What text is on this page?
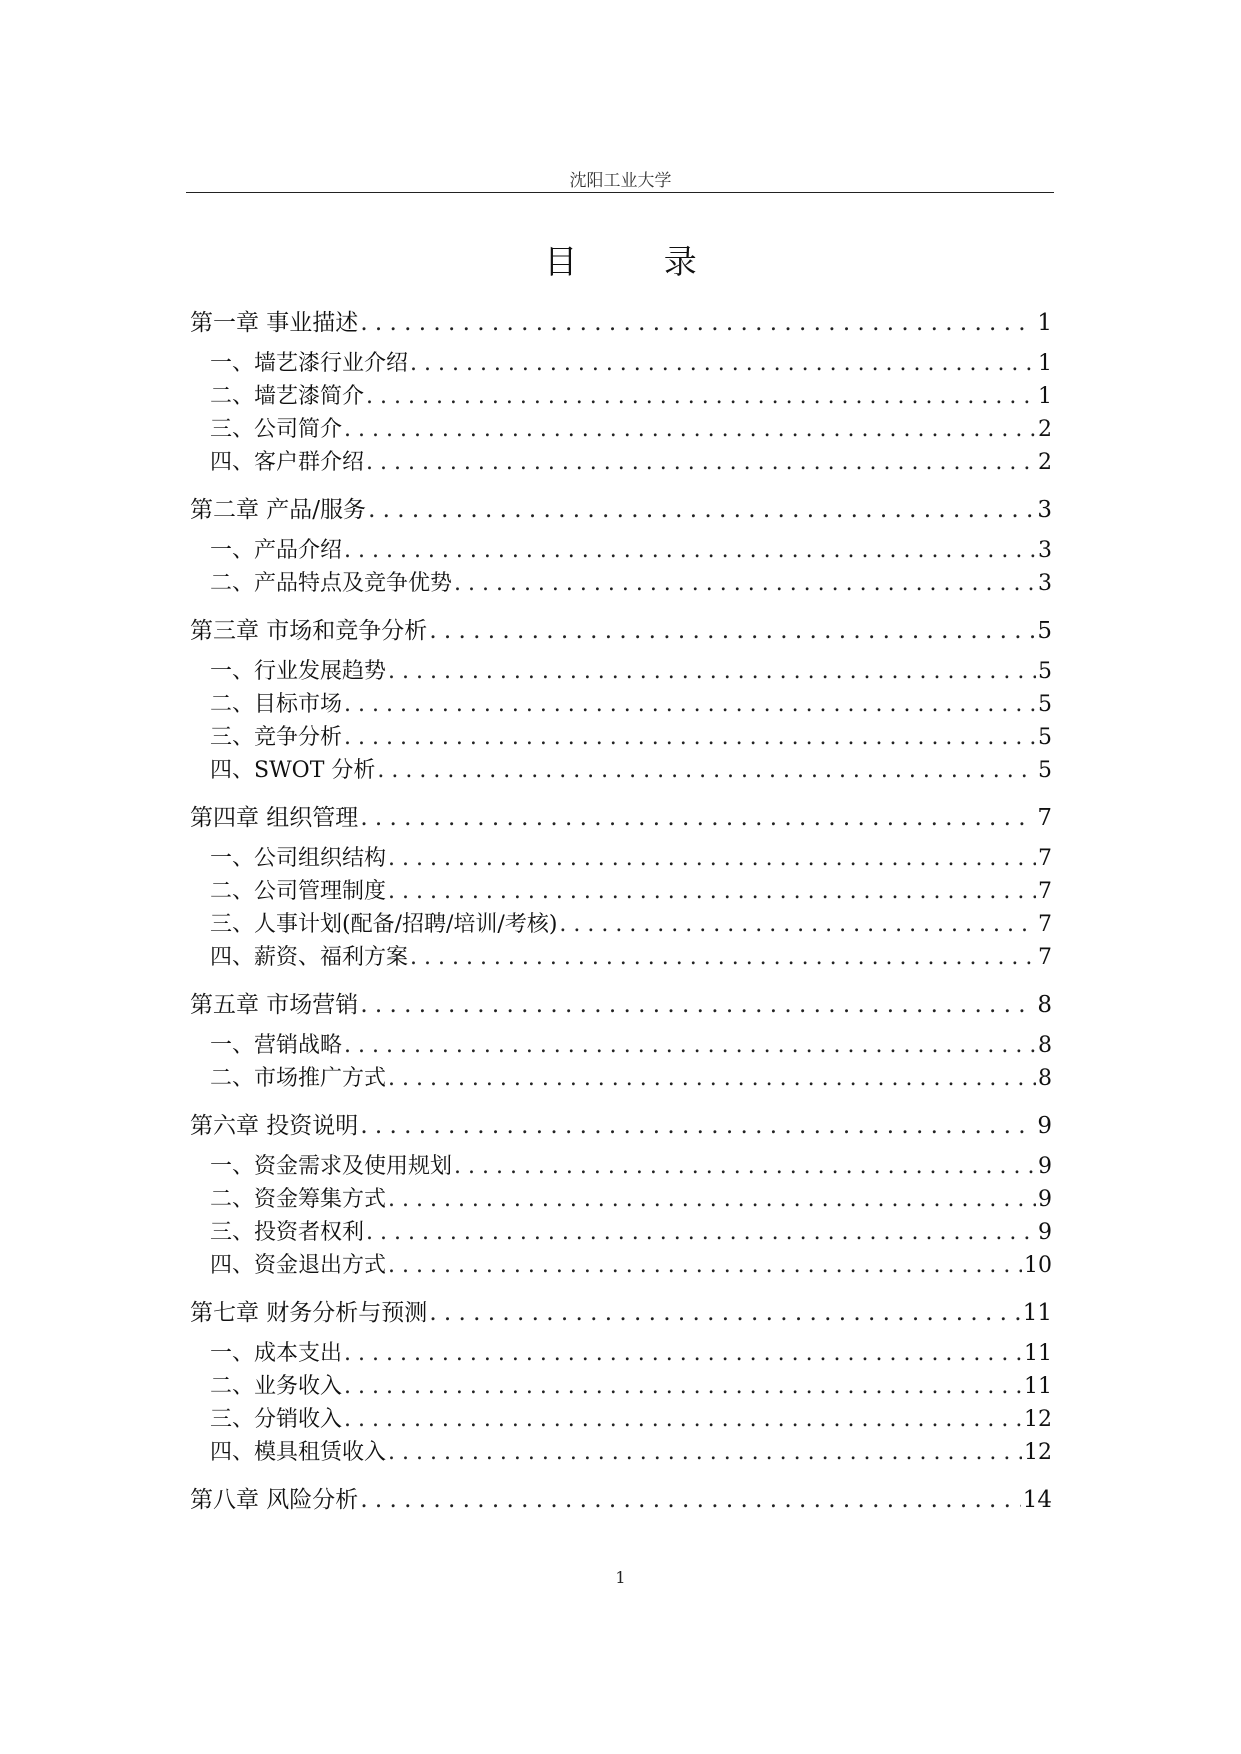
沈阳工业大学
目 录
第一章 事业描述 . . .	1
一、墙艺漆行业介绍 . . .	1
二、墙艺漆简介 . . .	1
三、公司简介 . . .	2
四、客户群介绍 . . .	2
第二章 产品/服务 . . .	3
一、产品介绍 . . .	3
二、产品特点及竞争优势 . . .	3
第三章 市场和竞争分析 . . .	5
一、行业发展趋势 . . .	5
二、目标市场 . . .	5
三、竞争分析 . . .	5
四、SWOT 分析 . . .	5
第四章 组织管理 . . .	7
一、公司组织结构 . . .	7
二、公司管理制度 . . .	7
三、人事计划(配备/招聘/培训/考核) . . .	7
四、薪资、福利方案 . . .	7
第五章 市场营销 . . .	8
一、营销战略 . . .	8
二、市场推广方式 . . .	8
第六章 投资说明 . . .	9
一、资金需求及使用规划 . . .	9
二、资金筹集方式 . . .	9
三、投资者权利 . . .	9
四、资金退出方式 . . .	10
第七章 财务分析与预测 . . .	11
一、成本支出 . . .	11
二、业务收入 . . .	11
三、分销收入 . . .	12
四、模具租赁收入 . . .	12
第八章 风险分析 . . .	14
1
